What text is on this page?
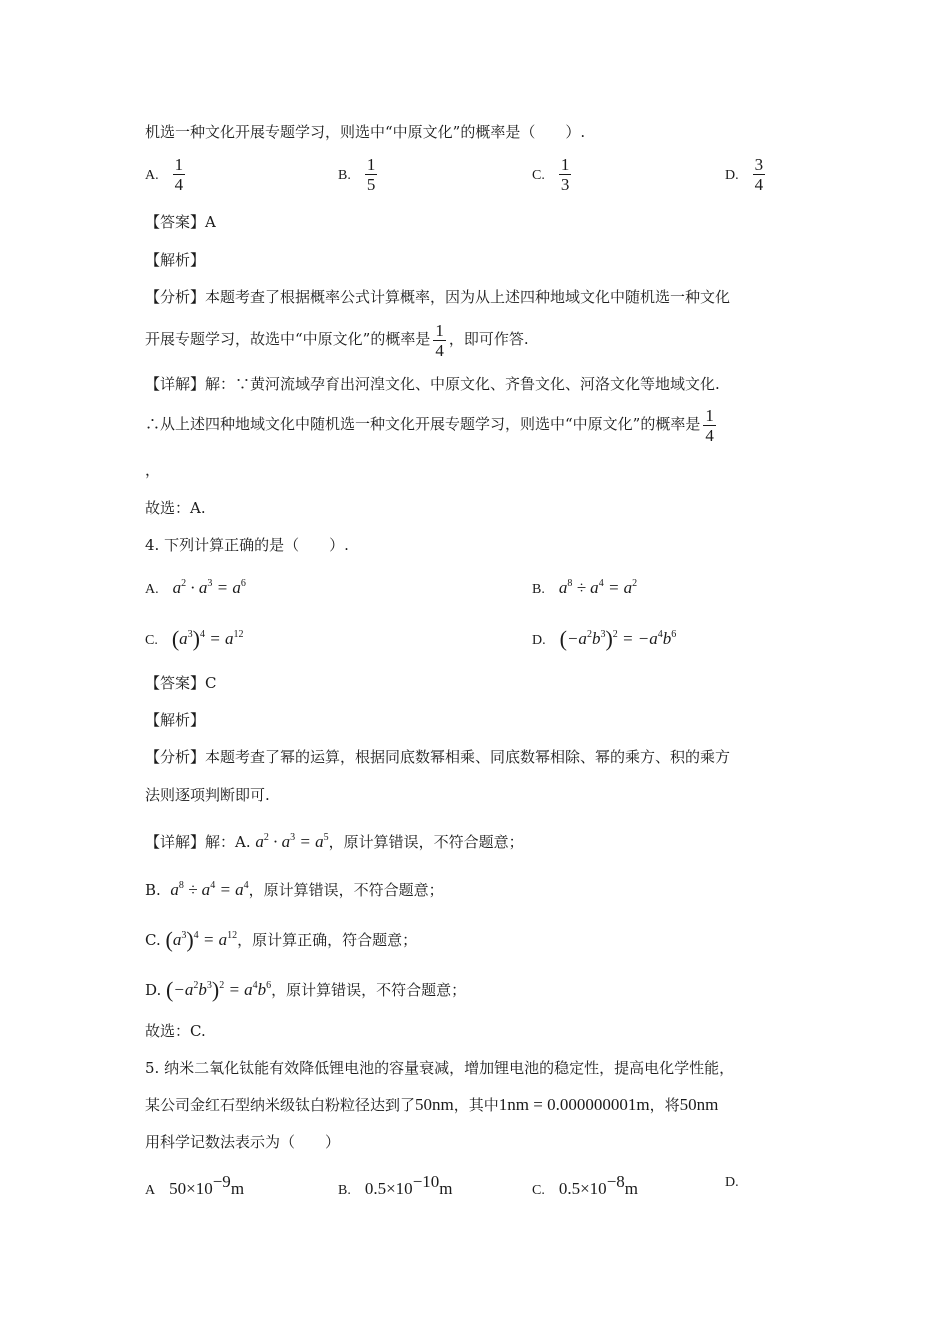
机选一种文化开展专题学习，则选中“中原文化”的概率是（　　）.
A. $\frac{1}{4}$	B. $\frac{1}{5}$	C. $\frac{1}{3}$	D. $\frac{3}{4}$
【答案】A
【解析】
【分析】本题考查了根据概率公式计算概率，因为从上述四种地域文化中随机选一种文化
开展专题学习，故选中“中原文化”的概率是 $\frac{1}{4}$ ，即可作答.
【详解】解：∵黄河流域孕育出河湟文化、中原文化、齐鲁文化、河洛文化等地域文化.
∴从上述四种地域文化中随机选一种文化开展专题学习，则选中“中原文化”的概率是 $\frac{1}{4}$
，
故选：A.
4. 下列计算正确的是（　　）.
A. $a^2 \cdot a^3 = a^6$	B. $a^8 \div a^4 = a^2$
C. $(a^3)^4 = a^{12}$	D. $(-a^2b^3)^2 = -a^4b^6$
【答案】C
【解析】
【分析】本题考查了幂的运算，根据同底数幂相乘、同底数幂相除、幂的乘方、积的乘方
法则逐项判断即可.
【详解】解：A. $a^2 \cdot a^3 = a^5$，原计算错误，不符合题意；
B. $a^8 \div a^4 = a^4$，原计算错误，不符合题意；
C. $(a^3)^4 = a^{12}$，原计算正确，符合题意；
D. $(-a^2b^3)^2 = a^4b^6$，原计算错误，不符合题意；
故选：C.
5. 纳米二氧化钛能有效降低锂电池的容量衰减，增加锂电池的稳定性，提高电化学性能，
某公司金红石型纳米级钛白粉粒径达到了50nm，其中1nm = 0.000000001m，将50nm
用科学记数法表示为（　　）
A $50\times 10^{-9}m$	B. $0.5\times 10^{-10}m$	C. $0.5\times 10^{-8}m$	D.
